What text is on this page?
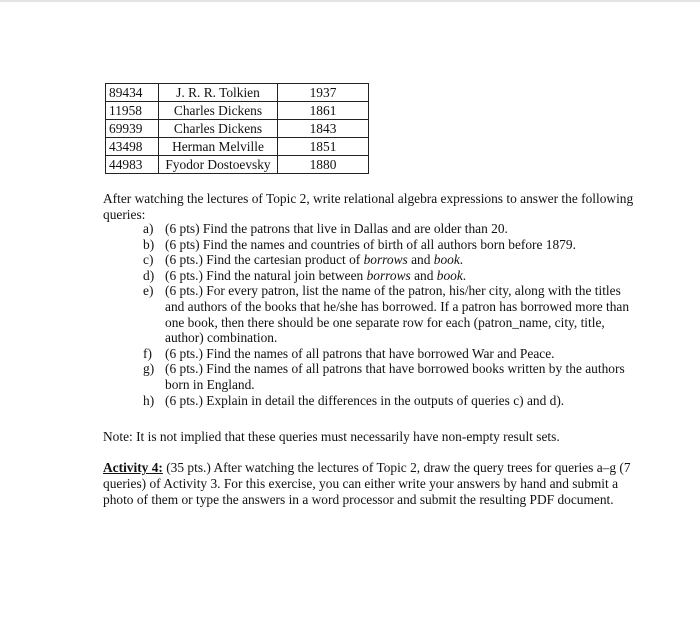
89434	J. R. R. Tolkien	1937
11958	Charles Dickens	1861
69939	Charles Dickens	1843
43498	Herman Melville	1851
44983	Fyodor Dostoevsky	1880
After watching the lectures of Topic 2, write relational algebra expressions to answer the following queries:
a) (6 pts) Find the patrons that live in Dallas and are older than 20.
b) (6 pts) Find the names and countries of birth of all authors born before 1879.
c) (6 pts.) Find the cartesian product of borrows and book.
d) (6 pts.) Find the natural join between borrows and book.
e) (6 pts.) For every patron, list the name of the patron, his/her city, along with the titles and authors of the books that he/she has borrowed. If a patron has borrowed more than one book, then there should be one separate row for each (patron_name, city, title, author) combination.
f) (6 pts.) Find the names of all patrons that have borrowed War and Peace.
g) (6 pts.) Find the names of all patrons that have borrowed books written by the authors born in England.
h) (6 pts.) Explain in detail the differences in the outputs of queries c) and d).
Note: It is not implied that these queries must necessarily have non-empty result sets.
Activity 4: (35 pts.) After watching the lectures of Topic 2, draw the query trees for queries a–g (7 queries) of Activity 3. For this exercise, you can either write your answers by hand and submit a photo of them or type the answers in a word processor and submit the resulting PDF document.
